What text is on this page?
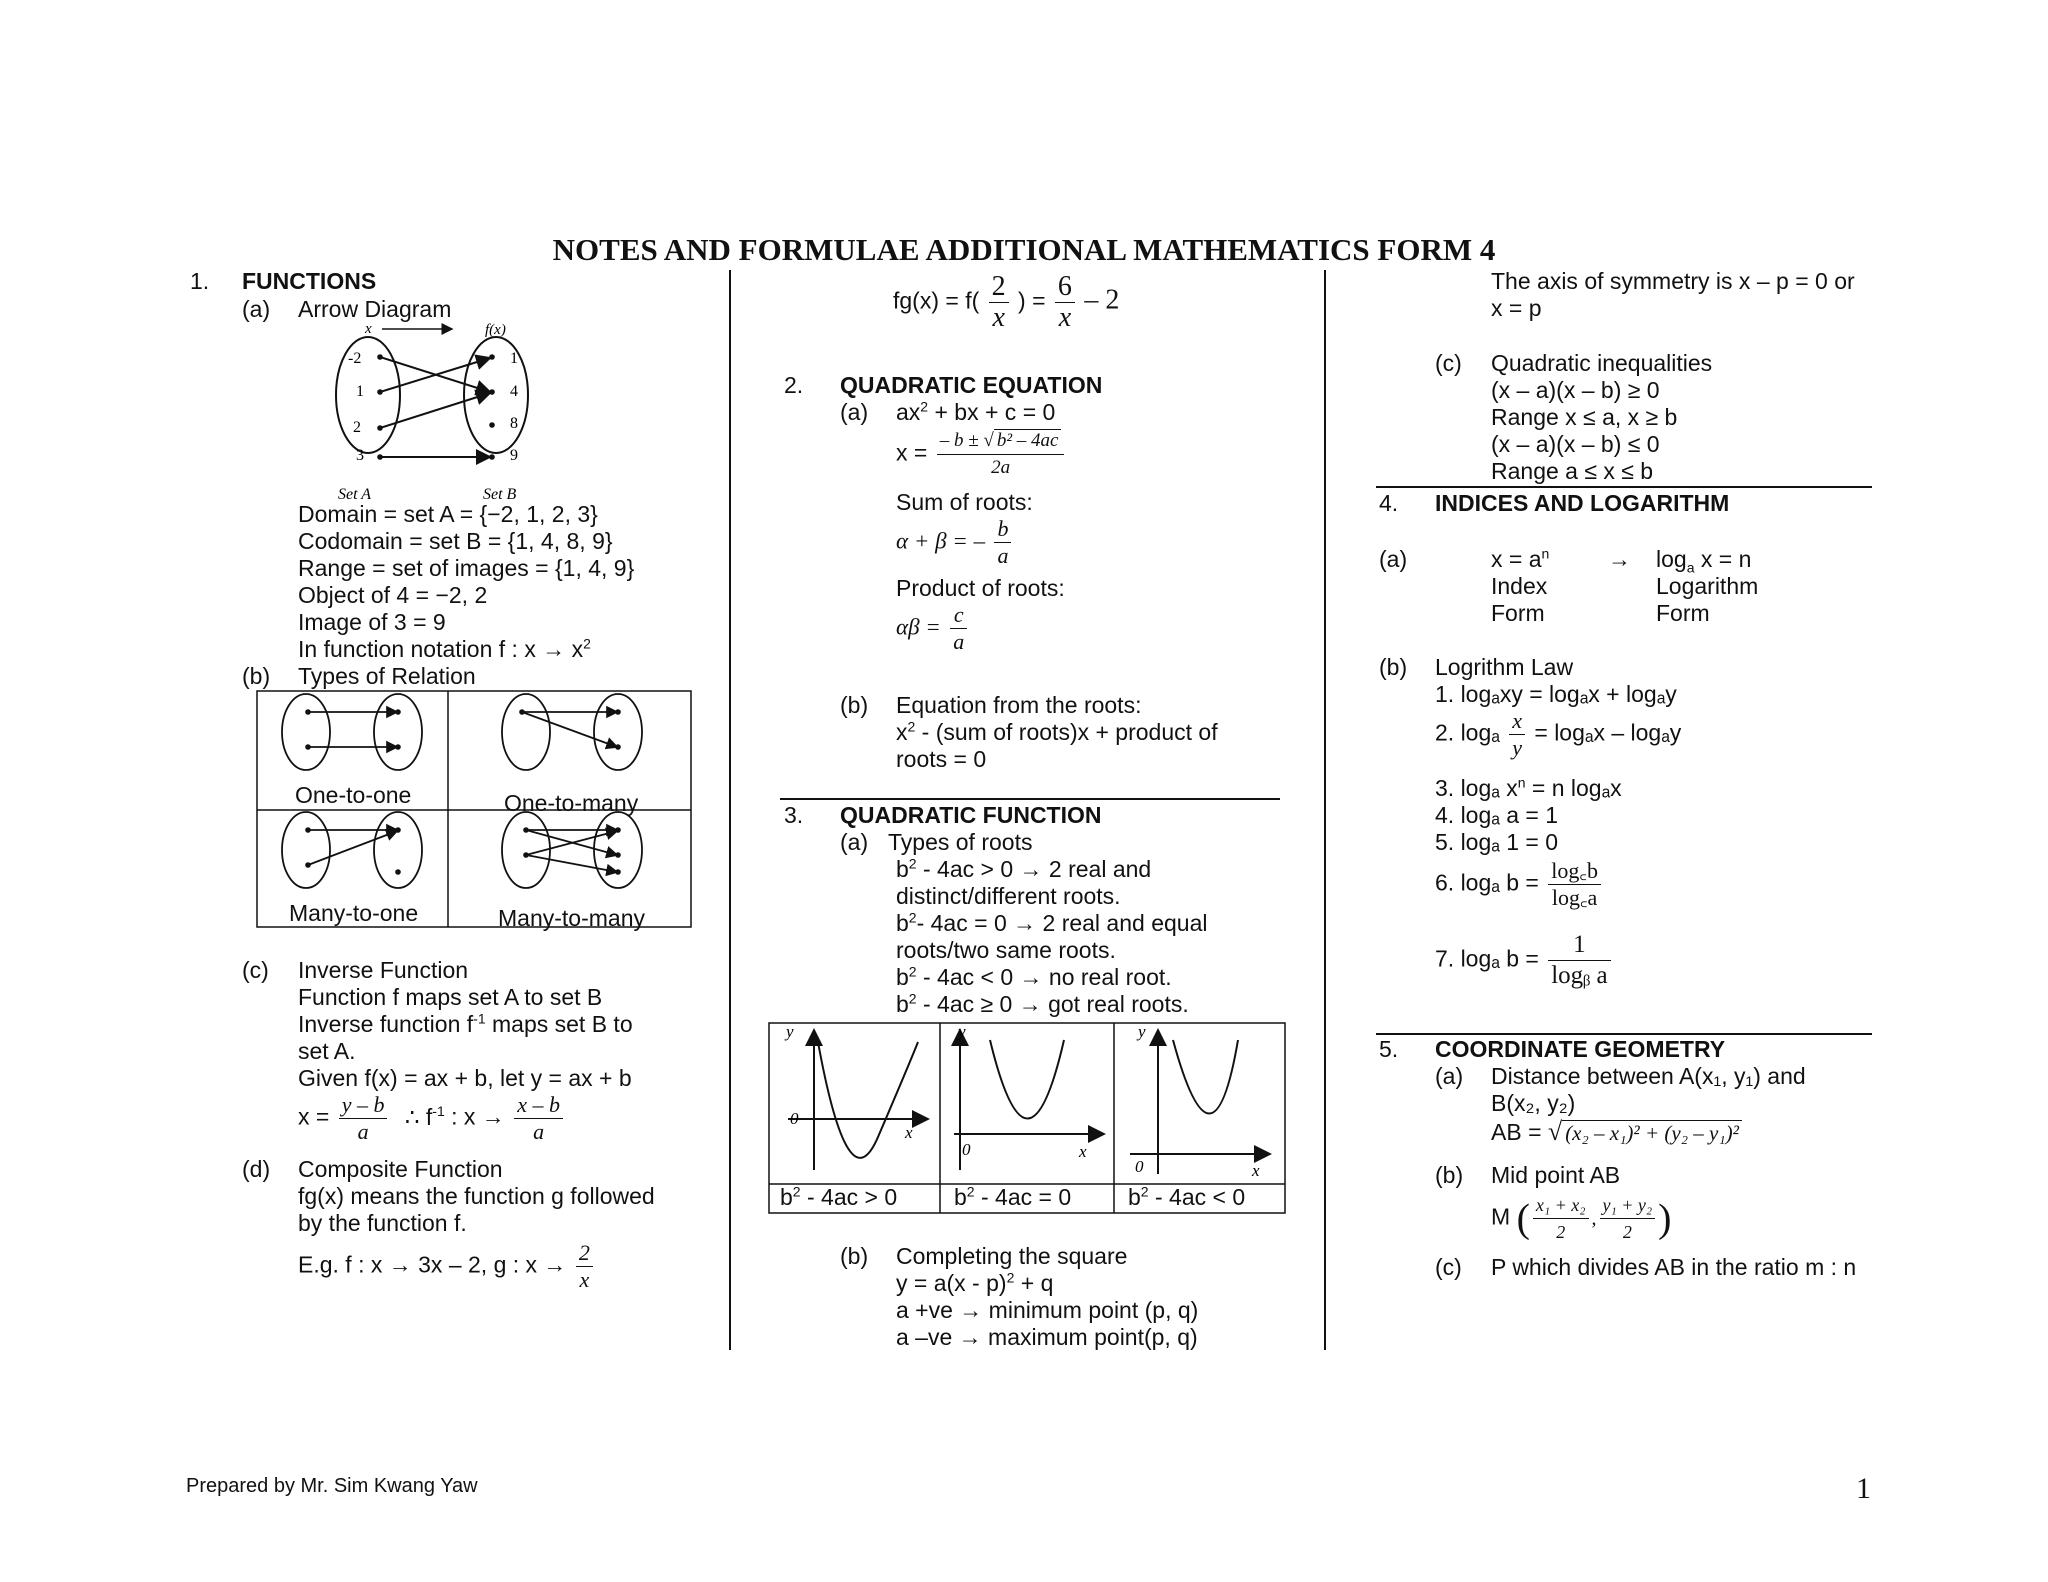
NOTES AND FORMULAE ADDITIONAL MATHEMATICS FORM 4
1. FUNCTIONS
(a) Arrow Diagram
x	f(x)
-2
1
2
3
1
4
8
9
Set A	Set B
Domain = set A = {−2, 1, 2, 3}
Codomain = set B = {1, 4, 8, 9}
Range = set of images = {1, 4, 9}
Object of 4 = −2, 2
Image of 3 = 9
In function notation f : $x \to x^2$
(b) Types of Relation
One-to-one	One-to-many
Many-to-one	Many-to-many
(c) Inverse Function
Function f maps set A to set B
Inverse function $f^{-1}$ maps set B to
set A.
Given f(x) = ax + b, let y = ax + b
$x = \frac{y - b}{a}$ ∴ $f^{-1}$ : $x \to \frac{x - b}{a}$
(d) Composite Function
fg(x) means the function g followed
by the function f.
E.g. f : x → 3x – 2, g : $x \to \frac{2}{x}$
$fg(x) = f( \frac{2}{x}$ ) = $\frac{6}{x} - 2$
2. QUADRATIC EQUATION
(a) $ax^2$ + bx + c = 0
$x = \frac{\text{– b ± √ b² – 4ac}}{2a}$
Sum of roots:
α + β = – $\frac{b}{a}$
Product of roots:
$\alpha\beta = \frac{c}{a}$
(b) Equation from the roots:
$x^2 - (sum$ of roots)x + product of
roots = 0
3. QUADRATIC FUNCTION
(a) Types of roots
$b^2 - 4ac > 0 \to 2$ real and
distinct/different roots.
$b^2-$ 4ac = 0 → 2 real and equal
roots/two same roots.
$b^2 - 4ac < 0$ → no real root.
$b^2 - 4ac \ge 0$ → got real roots.
y
0
x
y
0	x
y
0	x
$b^2 - 4ac > 0$ $b^2 - 4ac = 0$ $b^2 - 4ac < 0$
(b) Completing the square
y = a(x - p)$^2$ + q
a +ve → minimum point (p, q)
a –ve → maximum point(p, q)
The axis of symmetry is x – p = 0 or
x = p
(c) Quadratic inequalities
(x – a)(x – b) ≥ 0
Range x ≤ a, x ≥ b
(x – a)(x – b) ≤ 0
Range a ≤ x ≤ b
4. INDICES AND LOGARITHM
(a)	$x = a^n$	→ $\log_a x = n$
Index	Logarithm
Form	Form
(b) Logrithm Law
1. logₐxy = logₐx + logₐy
2. logₐ $\frac{x}{y} = \log_ax - \log_ay$
3. logₐ $x^n = n$ logₐx
4. logₐ a = 1
5. logₐ 1 = 0
6. logₐ $b = \frac{\log꜀b}{\log꜀a}$
7. logₐ $b = \frac{1}{\text{logᵦ a}}$
5. COORDINATE GEOMETRY
(a) Distance between A(x₁, y₁) and
B(x₂, y₂)
AB = √ (x₂ – x₁)² + (y₂ – y₁)²
(b) Mid point AB
M ( $\frac{\text{x₁ + x₂}}{2}$ , $\frac{\text{y₁ + y₂}}{2}$ )
(c) P which divides AB in the ratio m : n
Prepared by Mr. Sim Kwang Yaw	1
